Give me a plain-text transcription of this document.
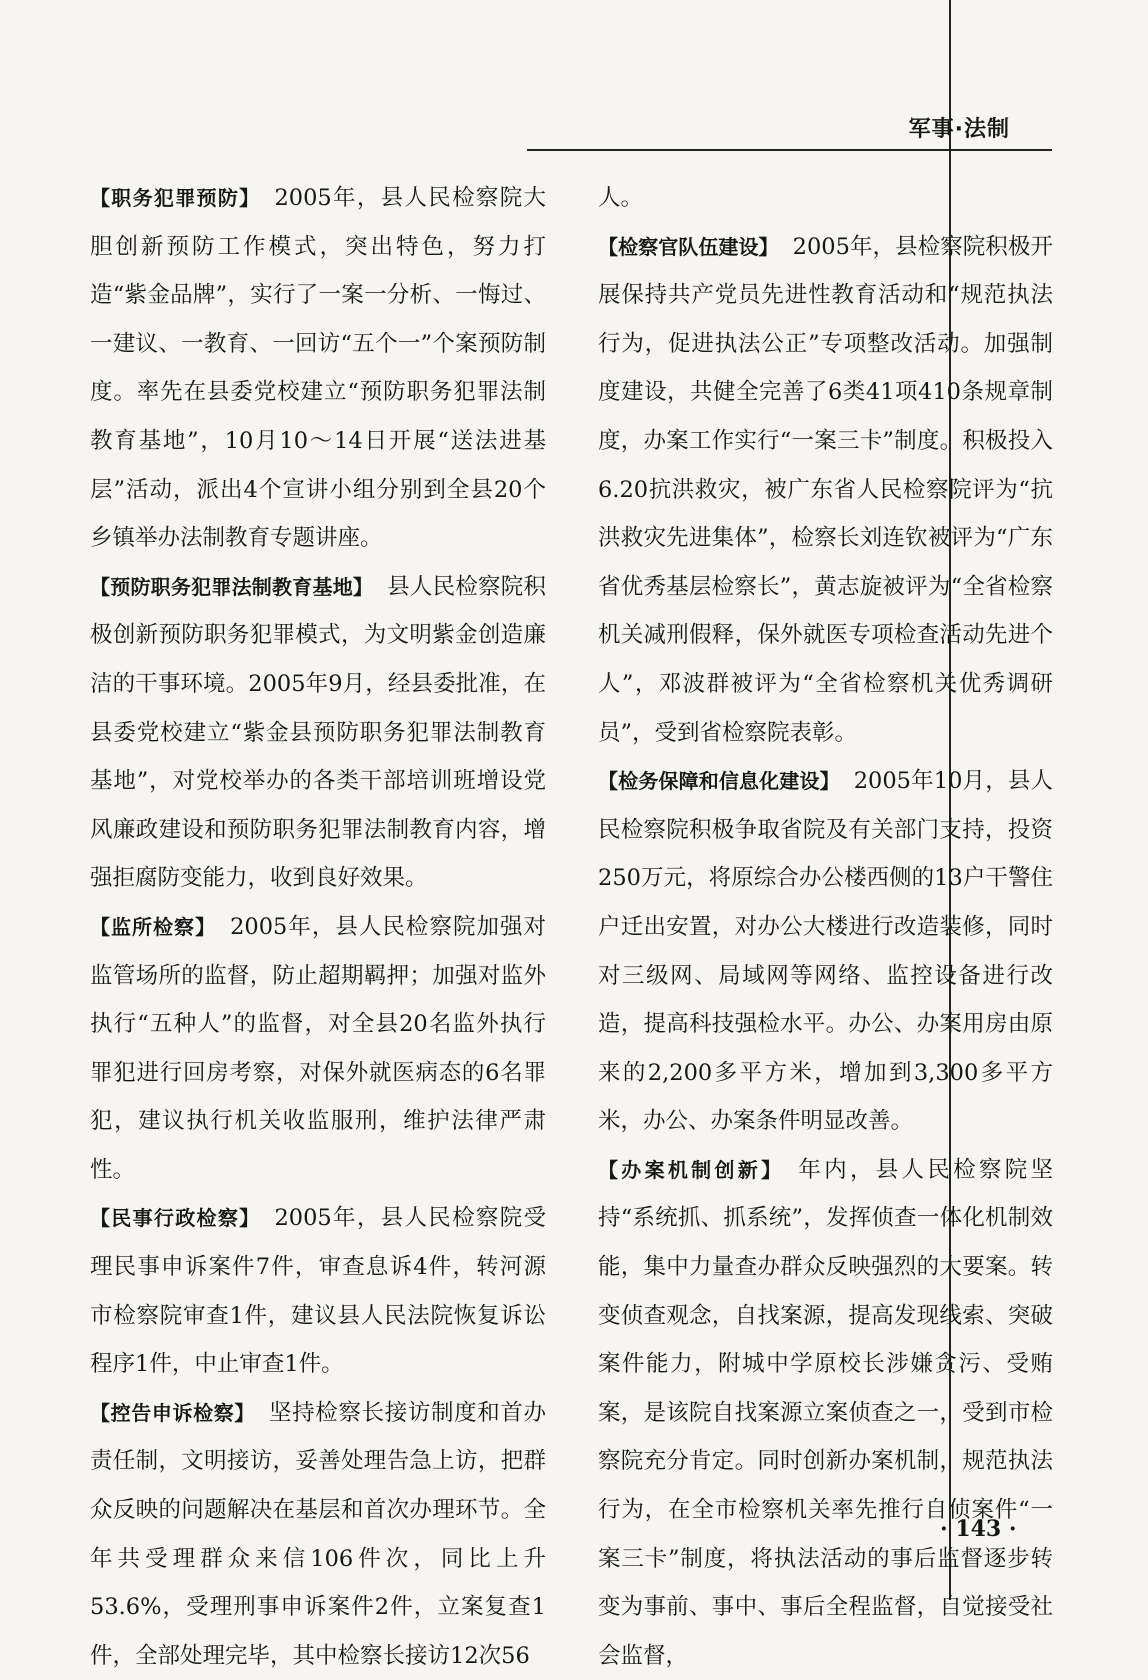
军事·法制

【职务犯罪预防】 2005年，县人民检察院大胆创新预防工作模式，突出特色，努力打造“紫金品牌”，实行了一案一分析、一悔过、一建议、一教育、一回访“五个一”个案预防制度。率先在县委党校建立“预防职务犯罪法制教育基地”，10月10～14日开展“送法进基层”活动，派出4个宣讲小组分别到全县20个乡镇举办法制教育专题讲座。

【预防职务犯罪法制教育基地】 县人民检察院积极创新预防职务犯罪模式，为文明紫金创造廉洁的干事环境。2005年9月，经县委批准，在县委党校建立“紫金县预防职务犯罪法制教育基地”，对党校举办的各类干部培训班增设党风廉政建设和预防职务犯罪法制教育内容，增强拒腐防变能力，收到良好效果。

【监所检察】 2005年，县人民检察院加强对监管场所的监督，防止超期羁押；加强对监外执行“五种人”的监督，对全县20名监外执行罪犯进行回房考察，对保外就医病态的6名罪犯，建议执行机关收监服刑，维护法律严肃性。

【民事行政检察】 2005年，县人民检察院受理民事申诉案件7件，审查息诉4件，转河源市检察院审查1件，建议县人民法院恢复诉讼程序1件，中止审查1件。

【控告申诉检察】 坚持检察长接访制度和首办责任制，文明接访，妥善处理告急上访，把群众反映的问题解决在基层和首次办理环节。全年共受理群众来信106件次，同比上升53.6%，受理刑事申诉案件2件，立案复查1件，全部处理完毕，其中检察长接访12次56

人。

【检察官队伍建设】 2005年，县检察院积极开展保持共产党员先进性教育活动和“规范执法行为，促进执法公正”专项整改活动。加强制度建设，共健全完善了6类41项410条规章制度，办案工作实行“一案三卡”制度。积极投入6.20抗洪救灾，被广东省人民检察院评为“抗洪救灾先进集体”，检察长刘连钦被评为“广东省优秀基层检察长”，黄志旋被评为“全省检察机关减刑假释，保外就医专项检查活动先进个人”，邓波群被评为“全省检察机关优秀调研员”，受到省检察院表彰。

【检务保障和信息化建设】 2005年10月，县人民检察院积极争取省院及有关部门支持，投资250万元，将原综合办公楼西侧的13户干警住户迁出安置，对办公大楼进行改造装修，同时对三级网、局域网等网络、监控设备进行改造，提高科技强检水平。办公、办案用房由原来的2,200多平方米，增加到3,300多平方米，办公、办案条件明显改善。

【办案机制创新】 年内，县人民检察院坚持“系统抓、抓系统”，发挥侦查一体化机制效能，集中力量查办群众反映强烈的大要案。转变侦查观念，自找案源，提高发现线索、突破案件能力，附城中学原校长涉嫌贪污、受贿案，是该院自找案源立案侦查之一，受到市检察院充分肯定。同时创新办案机制，规范执法行为，在全市检察机关率先推行自侦案件“一案三卡”制度，将执法活动的事后监督逐步转变为事前、事中、事后全程监督，自觉接受社会监督，

· 143 ·
